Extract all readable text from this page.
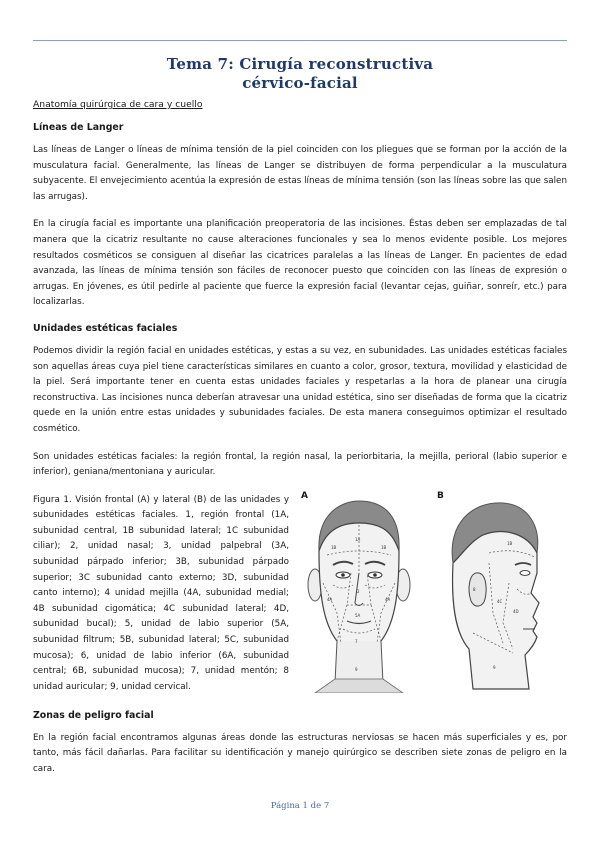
Tema 7: Cirugía reconstructiva
cérvico-facial
Anatomía quirúrgica de cara y cuello
Líneas de Langer

Las líneas de Langer o líneas de mínima tensión de la piel coinciden con los pliegues que se forman por la acción de la musculatura facial. Generalmente, las líneas de Langer se distribuyen de forma perpendicular a la musculatura subyacente. El envejecimiento acentúa la expresión de estas líneas de mínima tensión (son las líneas sobre las que salen las arrugas).

En la cirugía facial es importante una planificación preoperatoria de las incisiones. Éstas deben ser emplazadas de tal manera que la cicatriz resultante no cause alteraciones funcionales y sea lo menos evidente posible. Los mejores resultados cosméticos se consiguen al diseñar las cicatrices paralelas a las líneas de Langer. En pacientes de edad avanzada, las líneas de mínima tensión son fáciles de reconocer puesto que coinciden con las líneas de expresión o arrugas. En jóvenes, es útil pedirle al paciente que fuerce la expresión facial (levantar cejas, guiñar, sonreír, etc.) para localizarlas.

Unidades estéticas faciales

Podemos dividir la región facial en unidades estéticas, y estas a su vez, en subunidades. Las unidades estéticas faciales son aquellas áreas cuya piel tiene características similares en cuanto a color, grosor, textura, movilidad y elasticidad de la piel. Será importante tener en cuenta estas unidades faciales y respetarlas a la hora de planear una cirugía reconstructiva. Las incisiones nunca deberían atravesar una unidad estética, sino ser diseñadas de forma que la cicatriz quede en la unión entre estas unidades y subunidades faciales. De esta manera conseguimos optimizar el resultado cosmético.

Son unidades estéticas faciales: la región frontal, la región nasal, la periorbitaria, la mejilla, perioral (labio superior e inferior), geniana/mentoniana y auricular.

Figura 1. Visión frontal (A) y lateral (B) de las unidades y subunidades estéticas faciales. 1, región frontal (1A, subunidad central, 1B subunidad lateral; 1C subunidad ciliar); 2, unidad nasal; 3, unidad palpebral (3A, subunidad párpado inferior; 3B, subunidad párpado superior; 3C subunidad canto externo; 3D, subunidad canto interno); 4 unidad mejilla (4A, subunidad medial; 4B subunidad cigomática; 4C subunidad lateral; 4D, subunidad bucal); 5, unidad de labio superior (5A, subunidad filtrum; 5B, subunidad lateral; 5C, subunidad mucosa); 6, unidad de labio inferior (6A, subunidad central; 6B, subunidad mucosa); 7, unidad mentón; 8 unidad auricular; 9, unidad cervical.
A
1A
1B	1B
2
4A	4A
5A
7
9
B
1B
8
4C
4D
9
Zonas de peligro facial

En la región facial encontramos algunas áreas donde las estructuras nerviosas se hacen más superficiales y es, por tanto, más fácil dañarlas. Para facilitar su identificación y manejo quirúrgico se describen siete zonas de peligro en la cara.

Página 1 de 7
